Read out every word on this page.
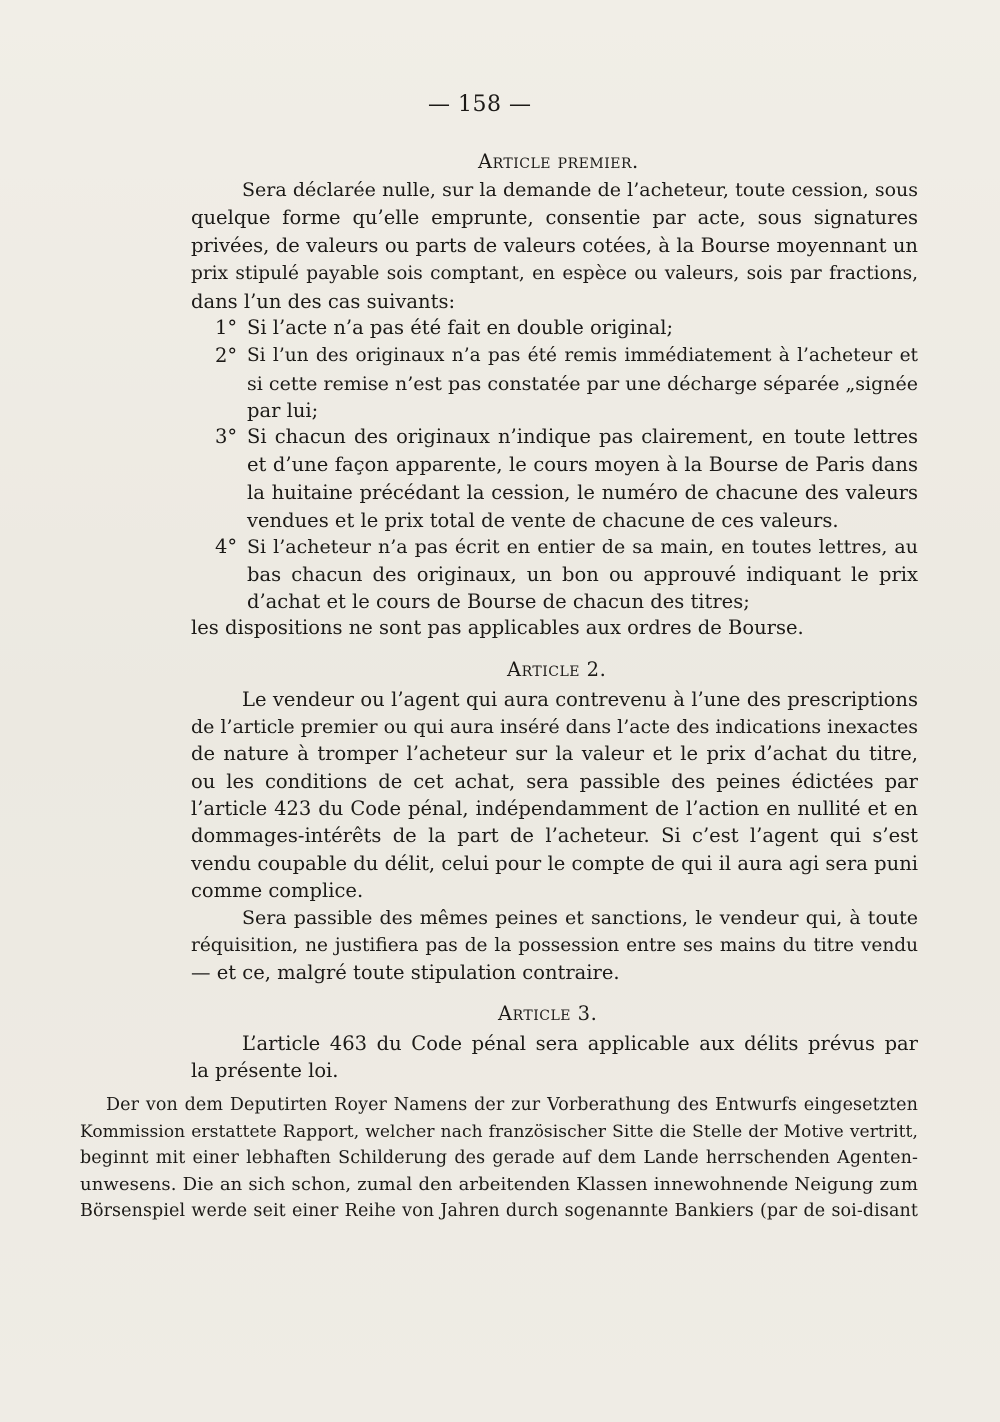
— 158 —
Article premier.
Sera déclarée nulle, sur la demande de l’acheteur, toute cession, sous
quelque forme qu’elle emprunte, consentie par acte, sous signatures
privées, de valeurs ou parts de valeurs cotées, à la Bourse moyennant un
prix stipulé payable sois comptant, en espèce ou valeurs, sois par fractions,
dans l’un des cas suivants:
1° Si l’acte n’a pas été fait en double original;
2° Si l’un des originaux n’a pas été remis immédiatement à l’acheteur et
si cette remise n’est pas constatée par une décharge séparée „signée
par lui;
3° Si chacun des originaux n’indique pas clairement, en toute lettres
et d’une façon apparente, le cours moyen à la Bourse de Paris dans
la huitaine précédant la cession, le numéro de chacune des valeurs
vendues et le prix total de vente de chacune de ces valeurs.
4° Si l’acheteur n’a pas écrit en entier de sa main, en toutes lettres, au
bas chacun des originaux, un bon ou approuvé indiquant le prix
d’achat et le cours de Bourse de chacun des titres;
les dispositions ne sont pas applicables aux ordres de Bourse.
Article 2.
Le vendeur ou l’agent qui aura contrevenu à l’une des prescriptions
de l’article premier ou qui aura inséré dans l’acte des indications inexactes
de nature à tromper l’acheteur sur la valeur et le prix d’achat du titre,
ou les conditions de cet achat, sera passible des peines édictées par
l’article 423 du Code pénal, indépendamment de l’action en nullité et en
dommages-intérêts de la part de l’acheteur. Si c’est l’agent qui s’est
vendu coupable du délit, celui pour le compte de qui il aura agi sera puni
comme complice.
Sera passible des mêmes peines et sanctions, le vendeur qui, à toute
réquisition, ne justifiera pas de la possession entre ses mains du titre vendu
— et ce, malgré toute stipulation contraire.
Article 3.
L’article 463 du Code pénal sera applicable aux délits prévus par
la présente loi.
Der von dem Deputirten Royer Namens der zur Vorberathung des Entwurfs eingesetzten
Kommission erstattete Rapport, welcher nach französischer Sitte die Stelle der Motive vertritt,
beginnt mit einer lebhaften Schilderung des gerade auf dem Lande herrschenden Agenten-
unwesens. Die an sich schon, zumal den arbeitenden Klassen innewohnende Neigung zum
Börsenspiel werde seit einer Reihe von Jahren durch sogenannte Bankiers (par de soi-disant
